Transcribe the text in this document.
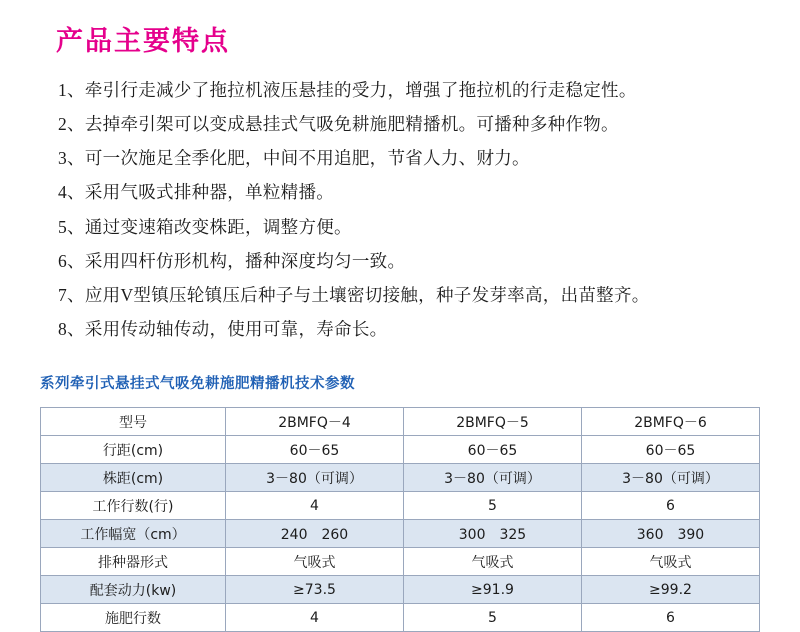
产品主要特点
1、牵引行走减少了拖拉机液压悬挂的受力，增强了拖拉机的行走稳定性。
2、去掉牵引架可以变成悬挂式气吸免耕施肥精播机。可播种多种作物。
3、可一次施足全季化肥，中间不用追肥，节省人力、财力。
4、采用气吸式排种器，单粒精播。
5、通过变速箱改变株距，调整方便。
6、采用四杆仿形机构，播种深度均匀一致。
7、应用V型镇压轮镇压后种子与土壤密切接触，种子发芽率高，出苗整齐。
8、采用传动轴传动，使用可靠，寿命长。
系列牵引式悬挂式气吸免耕施肥精播机技术参数
型号	2BMFQ－4	2BMFQ－5	2BMFQ－6
行距(cm)	60－65	60－65	60－65
株距(cm)	3－80（可调）	3－80（可调）	3－80（可调）
工作行数(行)	4	5	6
工作幅宽（cm）	240　260	300　325	360　390
排种器形式	气吸式	气吸式	气吸式
配套动力(kw)	≥73.5	≥91.9	≥99.2
施肥行数	4	5	6
